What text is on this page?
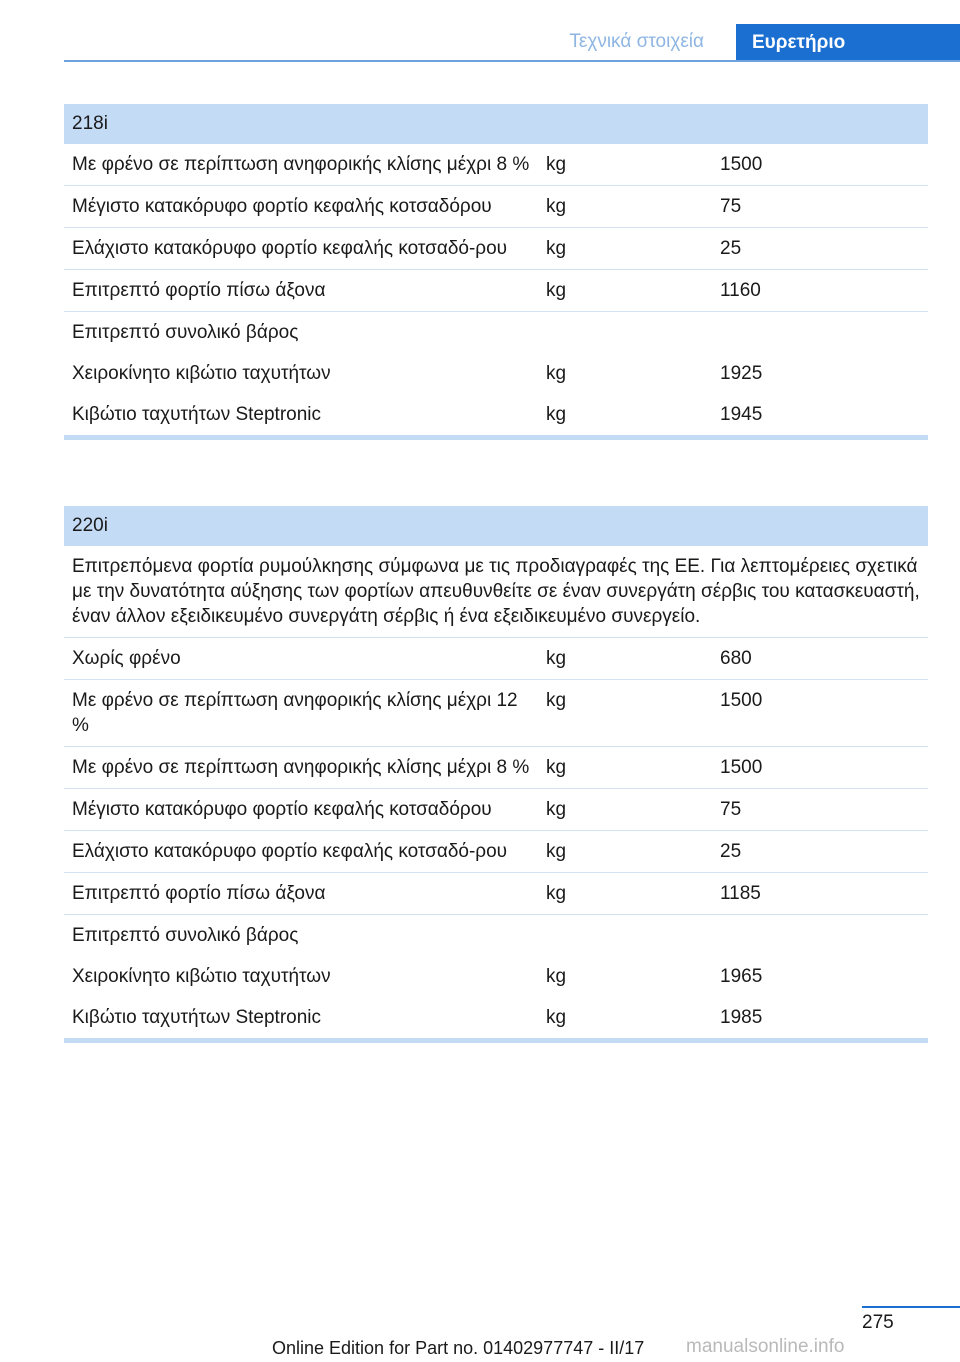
Τεχνικά στοιχεία	Ευρετήριο
218i
Με φρένο σε περίπτωση ανηφορικής κλίσης μέχρι 8 % kg	1500
Μέγιστο κατακόρυφο φορτίο κεφαλής κοτσαδόρου	kg	75
Ελάχιστο κατακόρυφο φορτίο κεφαλής κοτσαδό-ρου	kg	25
Επιτρεπτό φορτίο πίσω άξονα	kg	1160
Επιτρεπτό συνολικό βάρος
Χειροκίνητο κιβώτιο ταχυτήτων	kg	1925
Κιβώτιο ταχυτήτων Steptronic	kg	1945
220i
Επιτρεπόμενα φορτία ρυμούλκησης σύμφωνα με τις προδιαγραφές της ΕΕ. Για λεπτομέρειες σχετικά με την δυνατότητα αύξησης των φορτίων απευθυνθείτε σε έναν συνεργάτη σέρβις του κατασκευαστή, έναν άλλον εξειδικευμένο συνεργάτη σέρβις ή ένα εξειδικευμένο συνεργείο.
Χωρίς φρένο	kg	680
Με φρένο σε περίπτωση ανηφορικής κλίσης μέχρι 12 %
kg	1500
Με φρένο σε περίπτωση ανηφορικής κλίσης μέχρι 8 % kg	1500
Μέγιστο κατακόρυφο φορτίο κεφαλής κοτσαδόρου	kg	75
Ελάχιστο κατακόρυφο φορτίο κεφαλής κοτσαδό-ρου	kg	25
Επιτρεπτό φορτίο πίσω άξονα	kg	1185
Επιτρεπτό συνολικό βάρος
Χειροκίνητο κιβώτιο ταχυτήτων	kg	1965
Κιβώτιο ταχυτήτων Steptronic	kg	1985
275
Online Edition for Part no. 01402977747 - II/17 manualsonline.info
